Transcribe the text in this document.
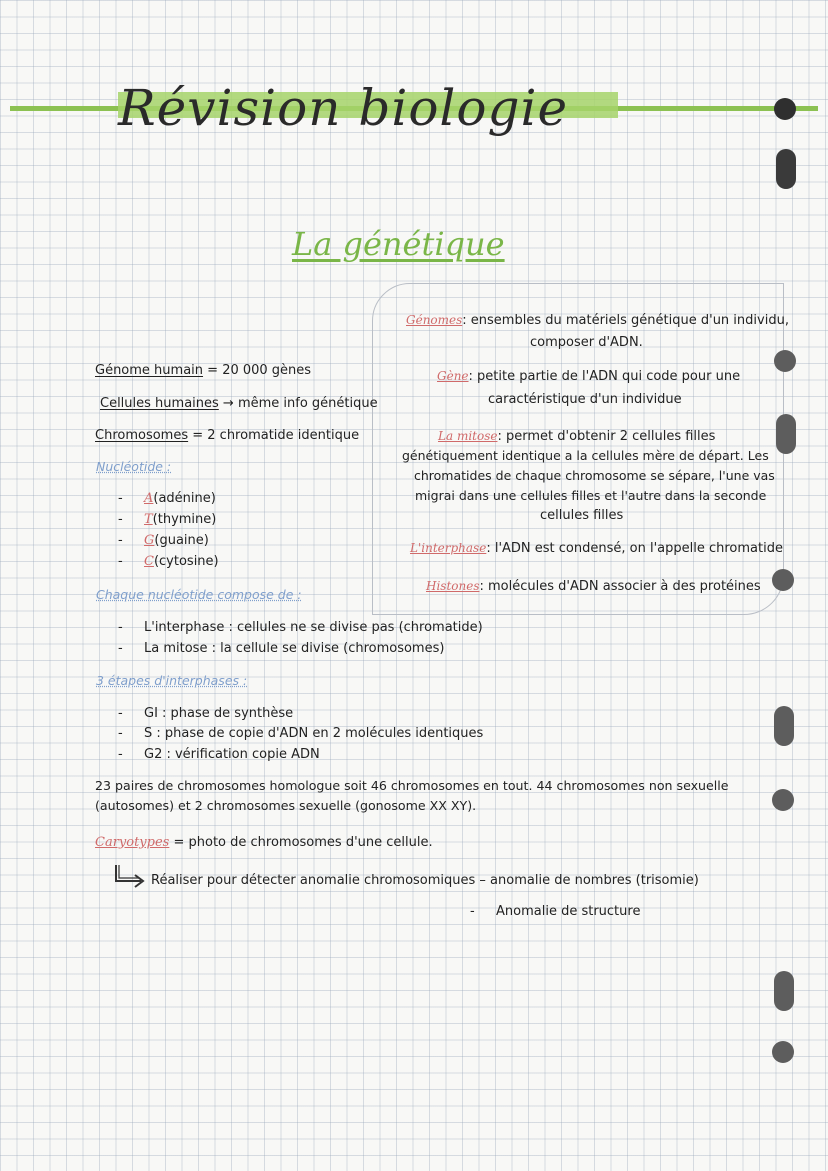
Révision biologie
La génétique
Génomes: ensembles du matériels génétique d'un individu,
composer d'ADN.
Gène: petite partie de l'ADN qui code pour une
caractéristique d'un individue
La mitose: permet d'obtenir 2 cellules filles
génétiquement identique a la cellules mère de départ. Les
chromatides de chaque chromosome se sépare, l'une vas
migrai dans une cellules filles et l'autre dans la seconde
cellules filles
L'interphase: l'ADN est condensé, on l'appelle chromatide
Histones: molécules d'ADN associer à des protéines
Génome humain = 20 000 gènes
Cellules humaines → même info génétique
Chromosomes = 2 chromatide identique
Nucléotide :
- A(adénine)
- T(thymine)
- G(guaine)
- C(cytosine)
Chaque nucléotide compose de :
- L'interphase : cellules ne se divise pas (chromatide)
- La mitose : la cellule se divise (chromosomes)
3 étapes d'interphases :
- GI : phase de synthèse
- S : phase de copie d'ADN en 2 molécules identiques
- G2 : vérification copie ADN
23 paires de chromosomes homologue soit 46 chromosomes en tout. 44 chromosomes non sexuelle
(autosomes) et 2 chromosomes sexuelle (gonosome XX XY).
Caryotypes = photo de chromosomes d'une cellule.
Réaliser pour détecter anomalie chromosomiques – anomalie de nombres (trisomie)
- Anomalie de structure
